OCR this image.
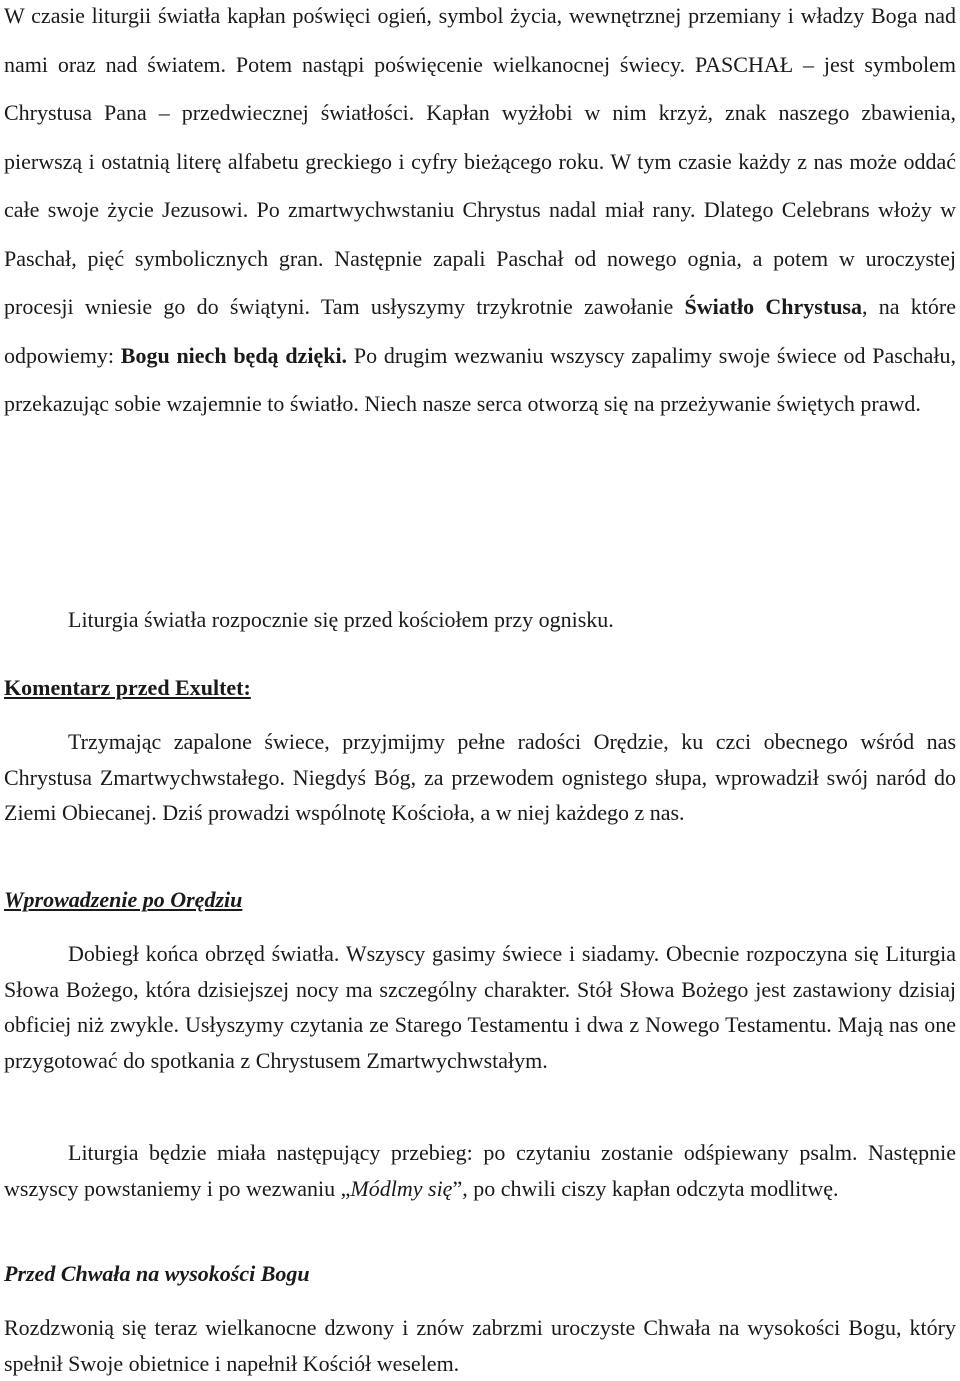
W czasie liturgii światła kapłan poświęci ogień, symbol życia, wewnętrznej przemiany i władzy Boga nad nami oraz nad światem. Potem nastąpi poświęcenie wielkanocnej świecy. PASCHAŁ – jest symbolem Chrystusa Pana – przedwiecznej światłości. Kapłan wyżłobi w nim krzyż, znak naszego zbawienia, pierwszą i ostatnią literę alfabetu greckiego i cyfry bieżącego roku. W tym czasie każdy z nas może oddać całe swoje życie Jezusowi. Po zmartwychwstaniu Chrystus nadal miał rany. Dlatego Celebrans włoży w Paschał, pięć symbolicznych gran. Następnie zapali Paschał od nowego ognia, a potem w uroczystej procesji wniesie go do świątyni. Tam usłyszymy trzykrotnie zawołanie Światło Chrystusa, na które odpowiemy: Bogu niech będą dzięki. Po drugim wezwaniu wszyscy zapalimy swoje świece od Paschału, przekazując sobie wzajemnie to światło. Niech nasze serca otworzą się na przeżywanie świętych prawd.

Liturgia światła rozpocznie się przed kościołem przy ognisku.

Komentarz przed Exultet:

Trzymając zapalone świece, przyjmijmy pełne radości Orędzie, ku czci obecnego wśród nas Chrystusa Zmartwychwstałego. Niegdyś Bóg, za przewodem ognistego słupa, wprowadził swój naród do Ziemi Obiecanej. Dziś prowadzi wspólnotę Kościoła, a w niej każdego z nas.

Wprowadzenie po Orędziu

Dobiegł końca obrzęd światła. Wszyscy gasimy świece i siadamy. Obecnie rozpoczyna się Liturgia Słowa Bożego, która dzisiejszej nocy ma szczególny charakter. Stół Słowa Bożego jest zastawiony dzisiaj obficiej niż zwykle. Usłyszymy czytania ze Starego Testamentu i dwa z Nowego Testamentu. Mają nas one przygotować do spotkania z Chrystusem Zmartwychwstałym.

Liturgia będzie miała następujący przebieg: po czytaniu zostanie odśpiewany psalm. Następnie wszyscy powstaniemy i po wezwaniu „Módlmy się”, po chwili ciszy kapłan odczyta modlitwę.

Przed Chwała na wysokości Bogu

Rozdzwonią się teraz wielkanocne dzwony i znów zabrzmi uroczyste Chwała na wysokości Bogu, który spełnił Swoje obietnice i napełnił Kościół weselem.
